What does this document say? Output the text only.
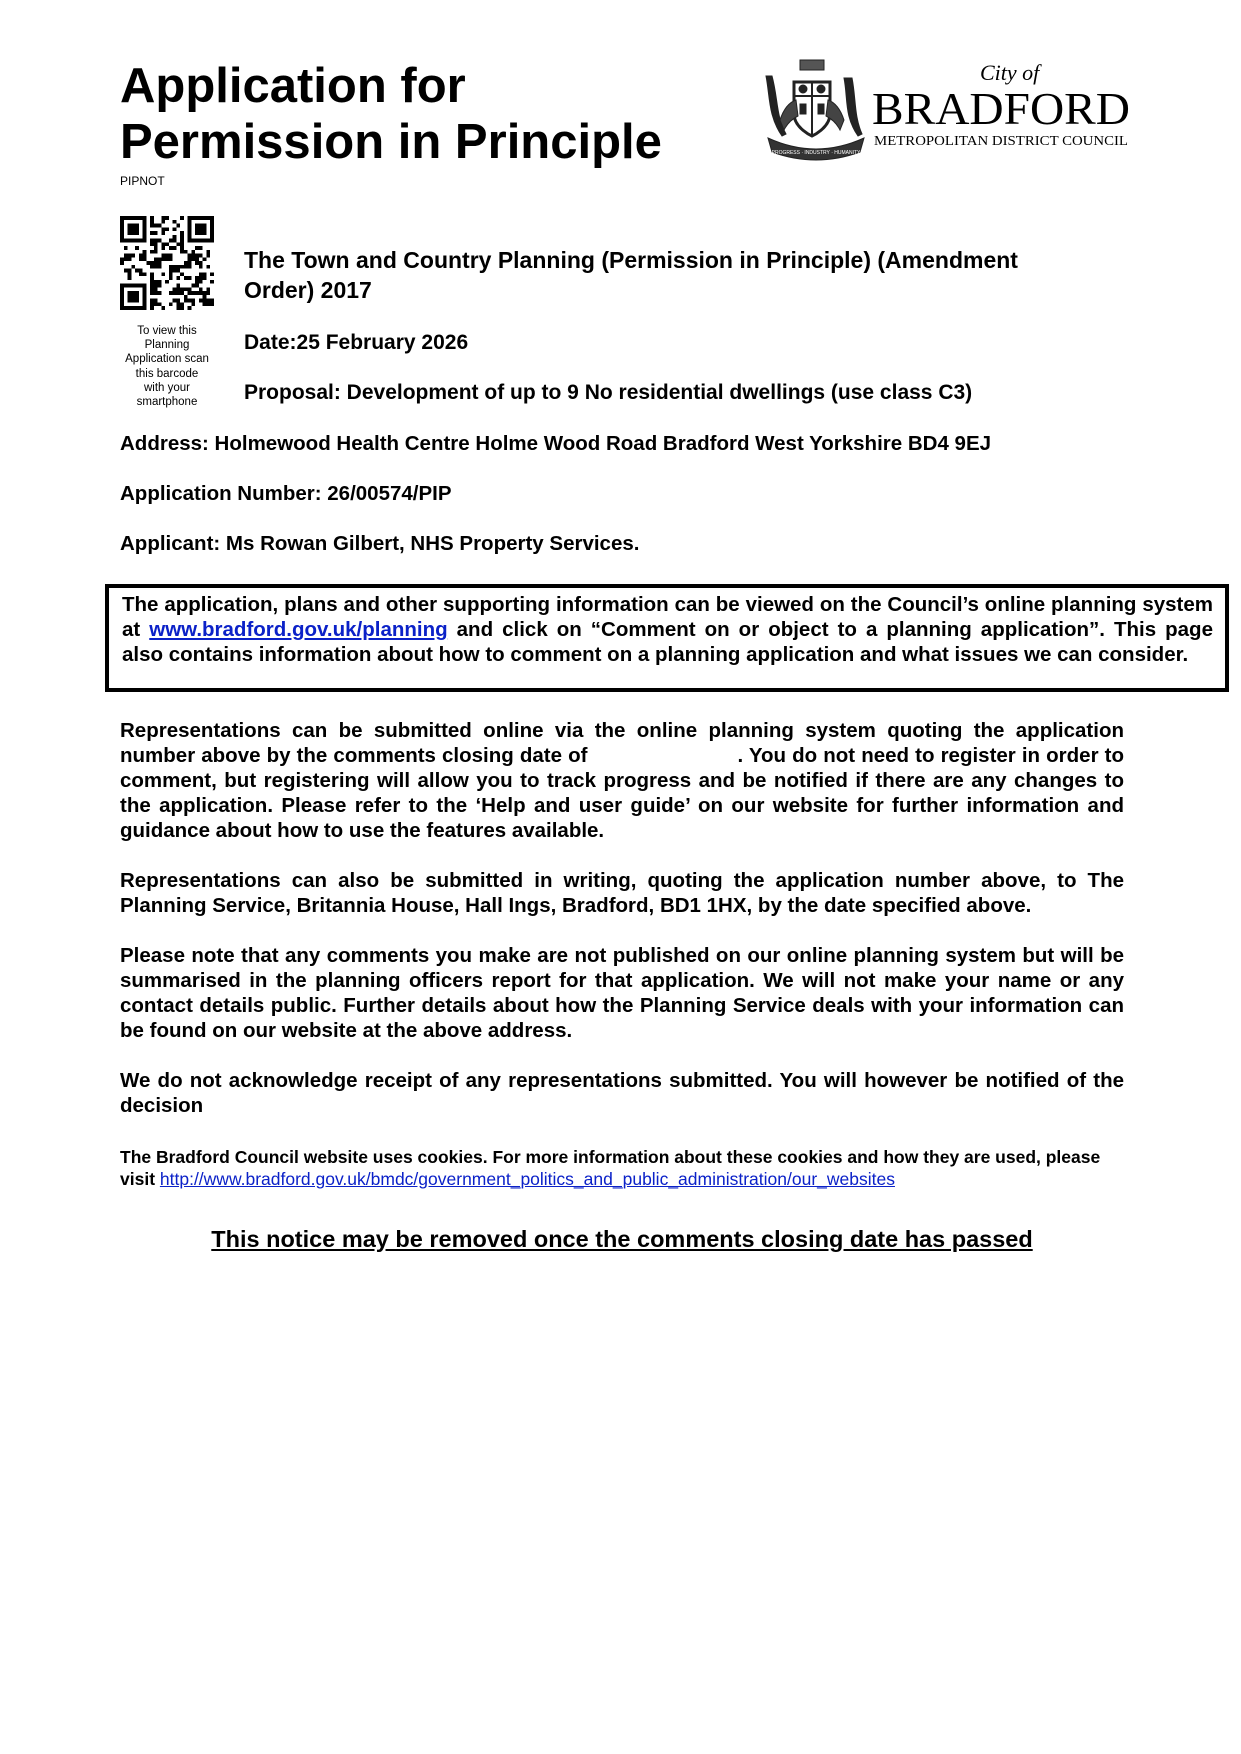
Application for
Permission in Principle
PIPNOT
PROGRESS · INDUSTRY · HUMANITY
City of
BRADFORD
METROPOLITAN DISTRICT COUNCIL
To view this
Planning
Application scan
this barcode
with your
smartphone
The Town and Country Planning (Permission in Principle) (Amendment
Order) 2017
Date:25 February 2026
Proposal: Development of up to 9 No residential dwellings (use class C3)
Address: Holmewood Health Centre Holme Wood Road Bradford West Yorkshire BD4 9EJ
Application Number: 26/00574/PIP
Applicant: Ms Rowan Gilbert, NHS Property Services.
The application, plans and other supporting information can be viewed on the Council’s online planning system at www.bradford.gov.uk/planning and click on “Comment on or object to a planning application”. This page also contains information about how to comment on a planning application and what issues we can consider.
Representations can be submitted online via the online planning system quoting the application number above by the comments closing date of	. You do not need to register in order to comment, but registering will allow you to track progress and be notified if there are any changes to the application. Please refer to the ‘Help and user guide’ on our website for further information and guidance about how to use the features available.
Representations can also be submitted in writing, quoting the application number above, to The Planning Service, Britannia House, Hall Ings, Bradford, BD1 1HX, by the date specified above.
Please note that any comments you make are not published on our online planning system but will be summarised in the planning officers report for that application. We will not make your name or any contact details public. Further details about how the Planning Service deals with your information can be found on our website at the above address.
We do not acknowledge receipt of any representations submitted. You will however be notified of the decision
The Bradford Council website uses cookies. For more information about these cookies and how they are used, please visit http://www.bradford.gov.uk/bmdc/government_politics_and_public_administration/our_websites
This notice may be removed once the comments closing date has passed
